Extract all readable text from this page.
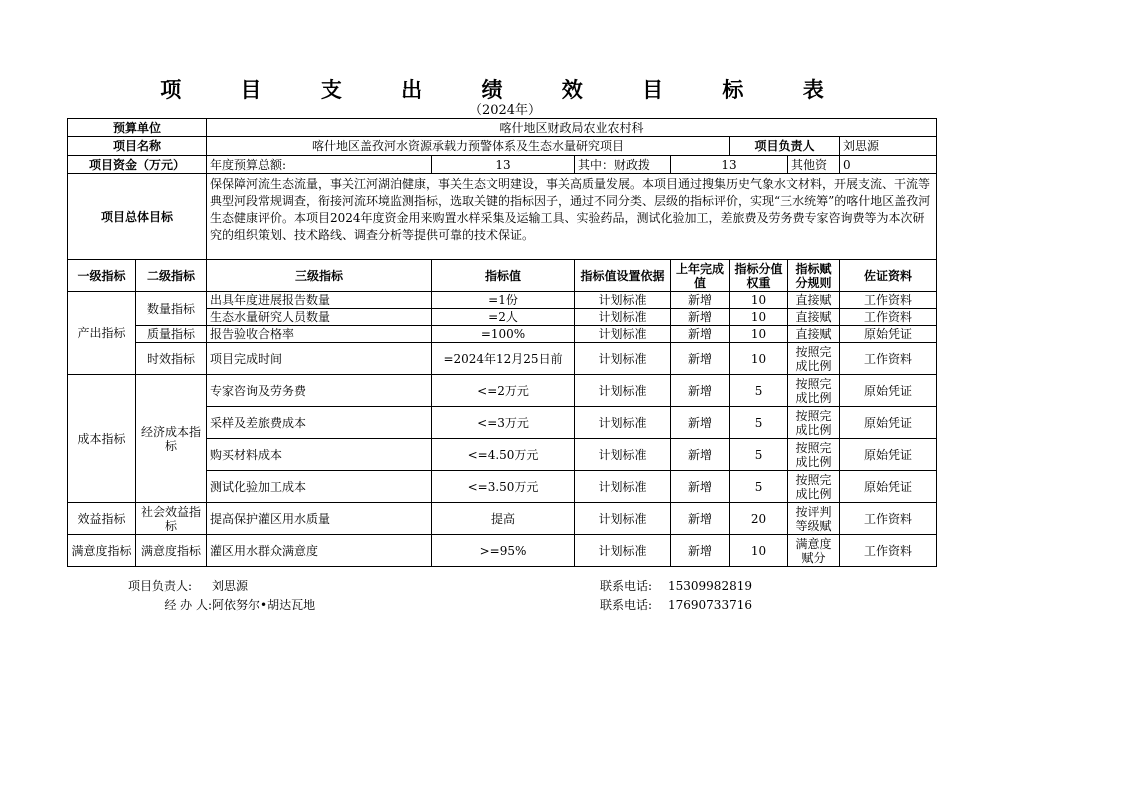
项 目 支 出 绩 效 目 标 表
（2024年）
预算单位		喀什地区财政局农业农村科						
项目名称		喀什地区盖孜河水资源承载力预警体系及生态水量研究项目				项目负责人		刘思源
项目资金（万元）		年度预算总额:	13	其中：财政拨	13		其他资	0
项目总体目标		保保障河流生态流量，事关江河湖泊健康，事关生态文明建设，事关高质量发展。本项目通过搜集历史气象水文材料，开展支流、干流等典型河段常规调查，衔接河流环境监测指标，选取关键的指标因子，通过不同分类、层级的指标评价，实现“三水统筹”的喀什地区盖孜河生态健康评价。本项目2024年度资金用来购置水样采集及运输工具、实验药品，测试化验加工，差旅费及劳务费专家咨询费等为本次研究的组织策划、技术路线、调查分析等提供可靠的技术保证。						
一级指标	二级指标	三级指标	指标值	指标值设置依据	上年完成值	指标分值权重	指标赋分规则	佐证资料
产出指标	数量指标	出具年度进展报告数量	=1份	计划标准	新增	10	直接赋	工作资料
		生态水量研究人员数量	=2人	计划标准	新增	10	直接赋	工作资料
	质量指标	报告验收合格率	=100%	计划标准	新增	10	直接赋	原始凭证
	时效指标	项目完成时间	=2024年12月25日前	计划标准	新增	10	按照完成比例	工作资料
成本指标	经济成本指标	专家咨询及劳务费	<=2万元	计划标准	新增	5	按照完成比例	原始凭证
		采样及差旅费成本	<=3万元	计划标准	新增	5	按照完成比例	原始凭证
		购买材料成本	<=4.50万元	计划标准	新增	5	按照完成比例	原始凭证
		测试化验加工成本	<=3.50万元	计划标准	新增	5	按照完成比例	原始凭证
效益指标	社会效益指标	提高保护灌区用水质量	提高	计划标准	新增	20	按评判等级赋	工作资料
满意度指标	满意度指标	灌区用水群众满意度	>=95%	计划标准	新增	10	满意度赋分	工作资料
项目负责人: 刘思源
经 办 人:阿依努尔•胡达瓦地
联系电话: 15309982819
联系电话: 17690733716
